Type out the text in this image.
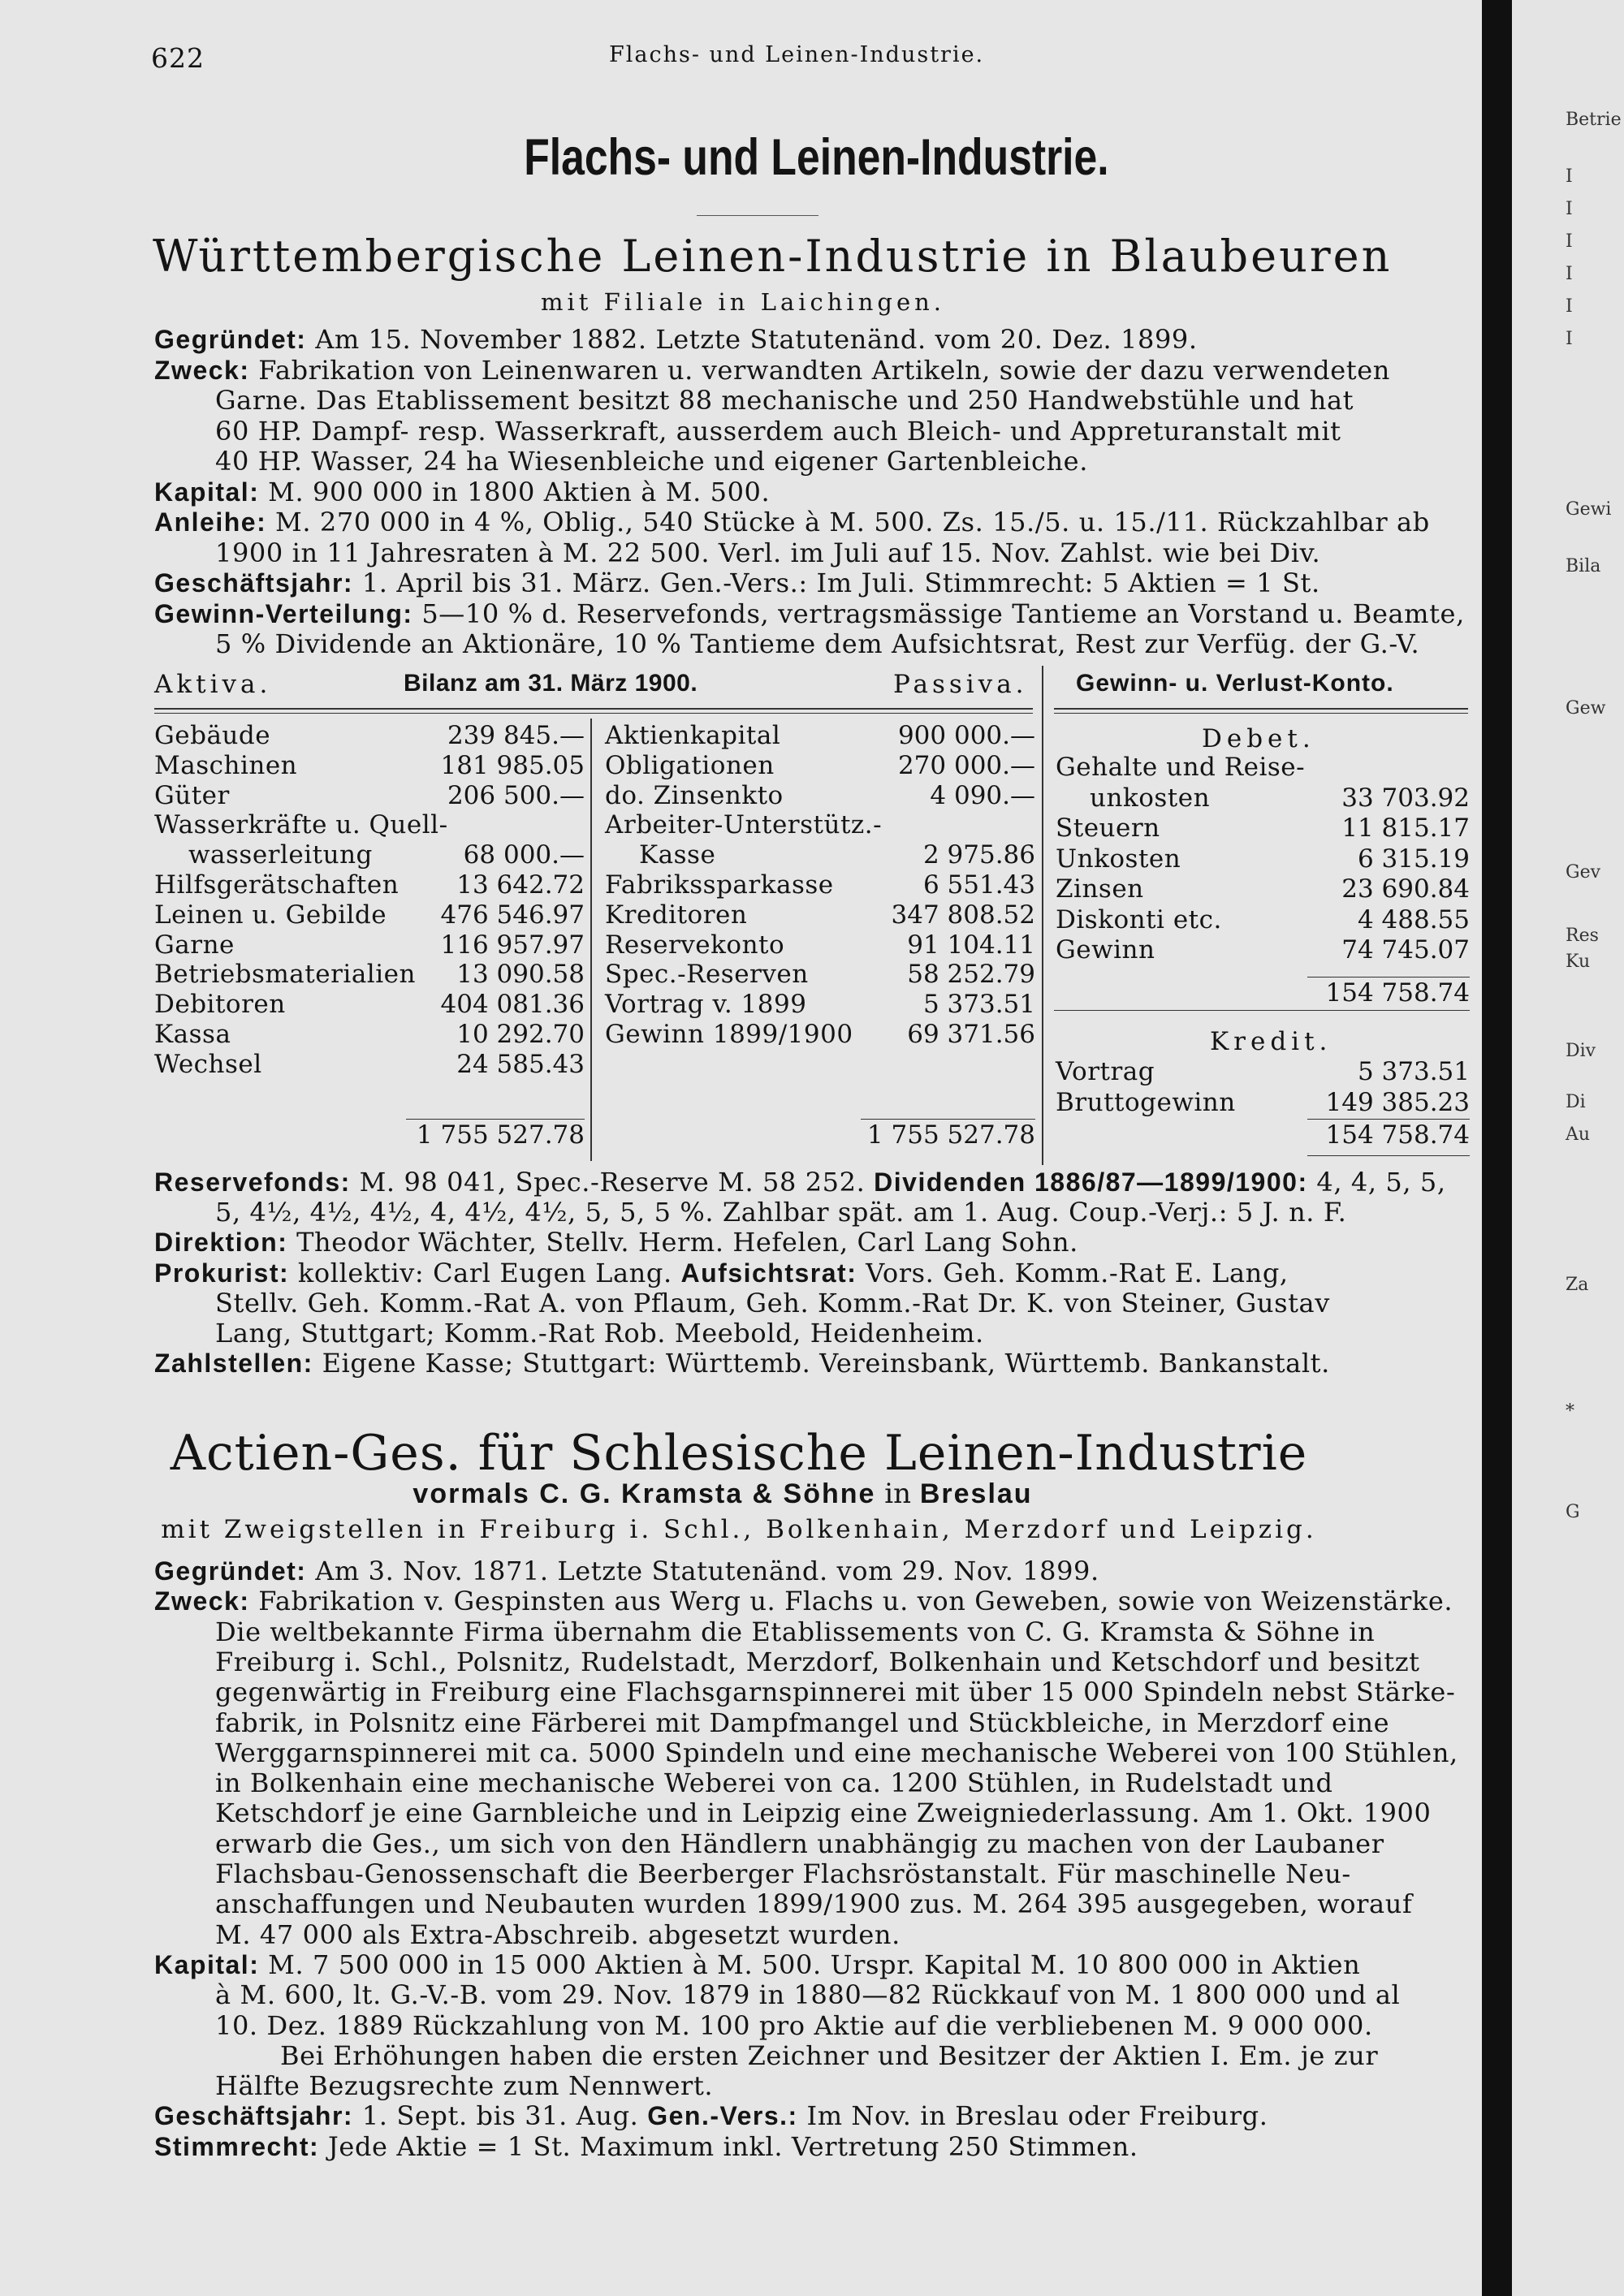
622	Flachs- und Leinen-Industrie.
Flachs- und Leinen-Industrie.
Württembergische Leinen-Industrie in Blaubeuren
mit Filiale in Laichingen.
Gegründet: Am 15. November 1882. Letzte Statutenänd. vom 20. Dez. 1899.
Zweck: Fabrikation von Leinenwaren u. verwandten Artikeln, sowie der dazu verwendeten
Garne. Das Etablissement besitzt 88 mechanische und 250 Handwebstühle und hat
60 HP. Dampf- resp. Wasserkraft, ausserdem auch Bleich- und Appreturanstalt mit
40 HP. Wasser, 24 ha Wiesenbleiche und eigener Gartenbleiche.
Kapital: M. 900 000 in 1800 Aktien à M. 500.
Anleihe: M. 270 000 in 4 %, Oblig., 540 Stücke à M. 500. Zs. 15./5. u. 15./11. Rückzahlbar ab
1900 in 11 Jahresraten à M. 22 500. Verl. im Juli auf 15. Nov. Zahlst. wie bei Div.
Geschäftsjahr: 1. April bis 31. März. Gen.-Vers.: Im Juli. Stimmrecht: 5 Aktien = 1 St.
Gewinn-Verteilung: 5—10 % d. Reservefonds, vertragsmässige Tantieme an Vorstand u. Beamte,
5 % Dividende an Aktionäre, 10 % Tantieme dem Aufsichtsrat, Rest zur Verfüg. der G.-V.
Aktiva.	Bilanz am 31. März 1900.	Passiva. Gewinn- u. Verlust-Konto.
Gebäude	239 845.—
Maschinen	181 985.05
Güter	206 500.—
Wasserkräfte u. Quell-
wasserleitung	68 000.—
Hilfsgerätschaften	13 642.72
Leinen u. Gebilde	476 546.97
Garne	116 957.97
Betriebsmaterialien	13 090.58
Debitoren	404 081.36
Kassa	10 292.70
Wechsel	24 585.43
Aktienkapital	900 000.—
Obligationen	270 000.—
do. Zinsenkto	4 090.—
Arbeiter-Unterstütz.-
Kasse	2 975.86
Fabrikssparkasse	6 551.43
Kreditoren	347 808.52
Reservekonto	91 104.11
Spec.-Reserven	58 252.79
Vortrag v. 1899	5 373.51
Gewinn 1899/1900	69 371.56
Debet.
Gehalte und Reise-
unkosten	33 703.92
Steuern	11 815.17
Unkosten	6 315.19
Zinsen	23 690.84
Diskonti etc.	4 488.55
Gewinn	74 745.07
1 755 527.78	1 755 527.78
154 758.74
Kredit.
Vortrag	5 373.51
Bruttogewinn	149 385.23
154 758.74
Reservefonds: M. 98 041, Spec.-Reserve M. 58 252. Dividenden 1886/87—1899/1900: 4, 4, 5, 5,
5, 4½, 4½, 4½, 4, 4½, 4½, 5, 5, 5 %. Zahlbar spät. am 1. Aug. Coup.-Verj.: 5 J. n. F.
Direktion: Theodor Wächter, Stellv. Herm. Hefelen, Carl Lang Sohn.
Prokurist: kollektiv: Carl Eugen Lang. Aufsichtsrat: Vors. Geh. Komm.-Rat E. Lang,
Stellv. Geh. Komm.-Rat A. von Pflaum, Geh. Komm.-Rat Dr. K. von Steiner, Gustav
Lang, Stuttgart; Komm.-Rat Rob. Meebold, Heidenheim.
Zahlstellen: Eigene Kasse; Stuttgart: Württemb. Vereinsbank, Württemb. Bankanstalt.
Actien-Ges. für Schlesische Leinen-Industrie
vormals C. G. Kramsta & Söhne in Breslau
mit Zweigstellen in Freiburg i. Schl., Bolkenhain, Merzdorf und Leipzig.
Gegründet: Am 3. Nov. 1871. Letzte Statutenänd. vom 29. Nov. 1899.
Zweck: Fabrikation v. Gespinsten aus Werg u. Flachs u. von Geweben, sowie von Weizenstärke.
Die weltbekannte Firma übernahm die Etablissements von C. G. Kramsta & Söhne in
Freiburg i. Schl., Polsnitz, Rudelstadt, Merzdorf, Bolkenhain und Ketschdorf und besitzt
gegenwärtig in Freiburg eine Flachsgarnspinnerei mit über 15 000 Spindeln nebst Stärke-
fabrik, in Polsnitz eine Färberei mit Dampfmangel und Stückbleiche, in Merzdorf eine
Werggarnspinnerei mit ca. 5000 Spindeln und eine mechanische Weberei von 100 Stühlen,
in Bolkenhain eine mechanische Weberei von ca. 1200 Stühlen, in Rudelstadt und
Ketschdorf je eine Garnbleiche und in Leipzig eine Zweigniederlassung. Am 1. Okt. 1900
erwarb die Ges., um sich von den Händlern unabhängig zu machen von der Laubaner
Flachsbau-Genossenschaft die Beerberger Flachsröstanstalt. Für maschinelle Neu-
anschaffungen und Neubauten wurden 1899/1900 zus. M. 264 395 ausgegeben, worauf
M. 47 000 als Extra-Abschreib. abgesetzt wurden.
Kapital: M. 7 500 000 in 15 000 Aktien à M. 500. Urspr. Kapital M. 10 800 000 in Aktien
à M. 600, lt. G.-V.-B. vom 29. Nov. 1879 in 1880—82 Rückkauf von M. 1 800 000 und al
10. Dez. 1889 Rückzahlung von M. 100 pro Aktie auf die verbliebenen M. 9 000 000.
Bei Erhöhungen haben die ersten Zeichner und Besitzer der Aktien I. Em. je zur
Hälfte Bezugsrechte zum Nennwert.
Geschäftsjahr: 1. Sept. bis 31. Aug. Gen.-Vers.: Im Nov. in Breslau oder Freiburg.
Stimmrecht: Jede Aktie = 1 St. Maximum inkl. Vertretung 250 Stimmen.
Betrie
I
I
I
I
I
I
Gewi
Bila
Gew
Gev
Res
Ku
Div
Di
Au
Za
*
G
